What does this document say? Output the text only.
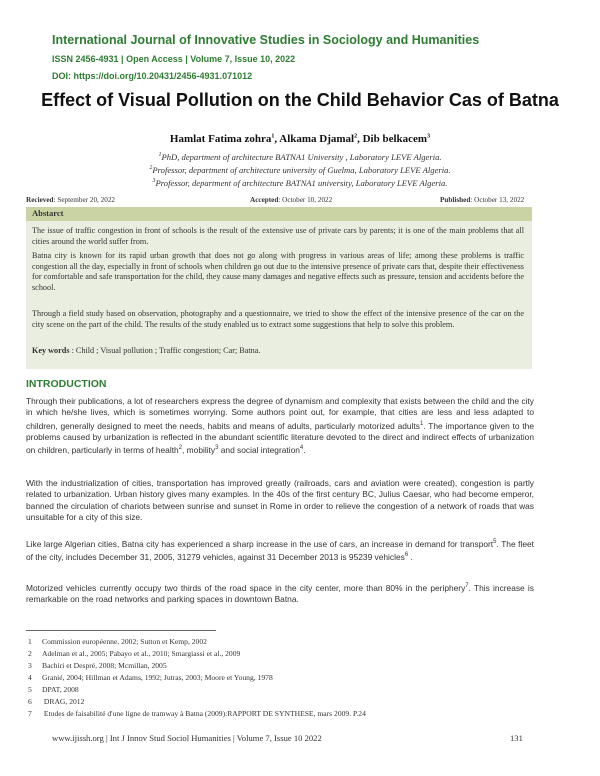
International Journal of Innovative Studies in Sociology and Humanities
ISSN 2456-4931 | Open Access | Volume 7, Issue 10, 2022
DOI: https://doi.org/10.20431/2456-4931.071012
Effect of Visual Pollution on the Child Behavior Cas of Batna
Hamlat Fatima zohra$^1$, Alkama Djamal$^2$, Dib belkacem$^3$
$^1$PhD, department of architecture BATNA1 University , Laboratory LEVE Algeria.
$^2$Professor, department of architecture university of Guelma, Laboratory LEVE Algeria.
$^3$Professor, department of architecture BATNA1 university, Laboratory LEVE Algeria.
Recieved: September 20, 2022	Accepted: October 10, 2022	Published: October 13, 2022
Abstarct

The issue of traffic congestion in front of schools is the result of the extensive use of private cars by parents; it is one of the main problems that all cities around the world suffer from.

Batna city is known for its rapid urban growth that does not go along with progress in various areas of life; among these problems is traffic congestion all the day, especially in front of schools when children go out due to the intensive presence of private cars that, despite their effectiveness for comfortable and safe transportation for the child, they cause many damages and negative effects such as pressure, tension and accidents before the school.

Through a field study based on observation, photography and a questionnaire, we tried to show the effect of the intensive presence of the car on the city scene on the part of the child. The results of the study enabled us to extract some suggestions that help to solve this problem.

Key words : Child ; Visual pollution ; Traffic congestion; Car; Batna.

INTRODUCTION

Through their publications, a lot of researchers express the degree of dynamism and complexity that exists between the child and the city in which he/she lives, which is sometimes worrying. Some authors point out, for example, that cities are less and less adapted to children, generally designed to meet the needs, habits and means of adults, particularly motorized adults$^1$. The importance given to the problems caused by urbanization is reflected in the abundant scientific literature devoted to the direct and indirect effects of urbanization on children, particularly in terms of health$^2$, mobility$^3$ and social integration$^4$.

With the industrialization of cities, transportation has improved greatly (railroads, cars and aviation were created), congestion is partly related to urbanization. Urban history gives many examples. In the 40s of the first century BC, Julius Caesar, who had become emperor, banned the circulation of chariots between sunrise and sunset in Rome in order to relieve the congestion of a network of roads that was unsuitable for a city of this size.

Like large Algerian cities, Batna city has experienced a sharp increase in the use of cars, an increase in demand for transport$^5$. The fleet of the city, includes December 31, 2005, 31279 vehicles, against 31 December 2013 is 95239 vehicles$^6$ .

Motorized vehicles currently occupy two thirds of the road space in the city center, more than 80% in the periphery$^7$. This increase is remarkable on the road networks and parking spaces in downtown Batna.

1 Commission européenne, 2002; Sutton et Kemp, 2002
2 Adelman et al., 2005; Pabayo et al., 2010; Smargiassi et al., 2009
3 Bachiri et Despré, 2008; Mcmillan, 2005
4 Granié, 2004; Hillman et Adams, 1992; Jutras, 2003; Moore et Young, 1978
5 DPAT, 2008
6 DRAG, 2012
7 Etudes de faisabilité d'une ligne de tramway à Batna (2009):RAPPORT DE SYNTHESE, mars 2009. P.24
www.ijissh.org | Int J Innov Stud Sociol Humanities | Volume 7, Issue 10 2022	131
